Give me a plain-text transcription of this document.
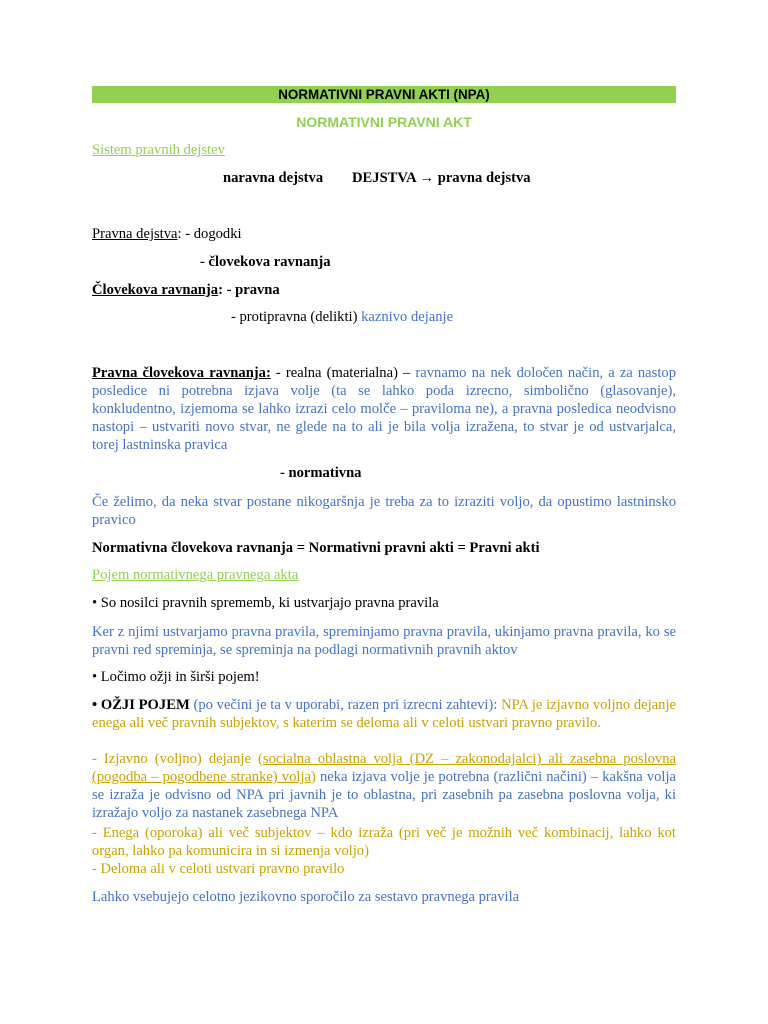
NORMATIVNI PRAVNI AKTI (NPA)
NORMATIVNI PRAVNI AKT
Sistem pravnih dejstev
naravna dejstva DEJSTVA → pravna dejstva
Pravna dejstva: - dogodki
- človekova ravnanja
Človekova ravnanja: - pravna
- protipravna (delikti) kaznivo dejanje
Pravna človekova ravnanja: - realna (materialna) – ravnamo na nek določen način, a za nastop posledice ni potrebna izjava volje (ta se lahko poda izrecno, simbolično (glasovanje), konkludentno, izjemoma se lahko izrazi celo molče – praviloma ne), a pravna posledica neodvisno nastopi – ustvariti novo stvar, ne glede na to ali je bila volja izražena, to stvar je od ustvarjalca, torej lastninska pravica
- normativna
Če želimo, da neka stvar postane nikogaršnja je treba za to izraziti voljo, da opustimo lastninsko pravico
Normativna človekova ravnanja = Normativni pravni akti = Pravni akti
Pojem normativnega pravnega akta
• So nosilci pravnih sprememb, ki ustvarjajo pravna pravila
Ker z njimi ustvarjamo pravna pravila, spreminjamo pravna pravila, ukinjamo pravna pravila, ko se pravni red spreminja, se spreminja na podlagi normativnih pravnih aktov
• Ločimo ožji in širši pojem!
• OŽJI POJEM (po večini je ta v uporabi, razen pri izrecni zahtevi): NPA je izjavno voljno dejanje enega ali več pravnih subjektov, s katerim se deloma ali v celoti ustvari pravno pravilo.
- Izjavno (voljno) dejanje (socialna oblastna volja (DZ – zakonodajalci) ali zasebna poslovna (pogodba – pogodbene stranke) volja) neka izjava volje je potrebna (različni načini) – kakšna volja se izraža je odvisno od NPA pri javnih je to oblastna, pri zasebnih pa zasebna poslovna volja, ki izražajo voljo za nastanek zasebnega NPA
- Enega (oporoka) ali več subjektov – kdo izraža (pri več je možnih več kombinacij, lahko kot organ, lahko pa komunicira in si izmenja voljo)
- Deloma ali v celoti ustvari pravno pravilo
Lahko vsebujejo celotno jezikovno sporočilo za sestavo pravnega pravila
